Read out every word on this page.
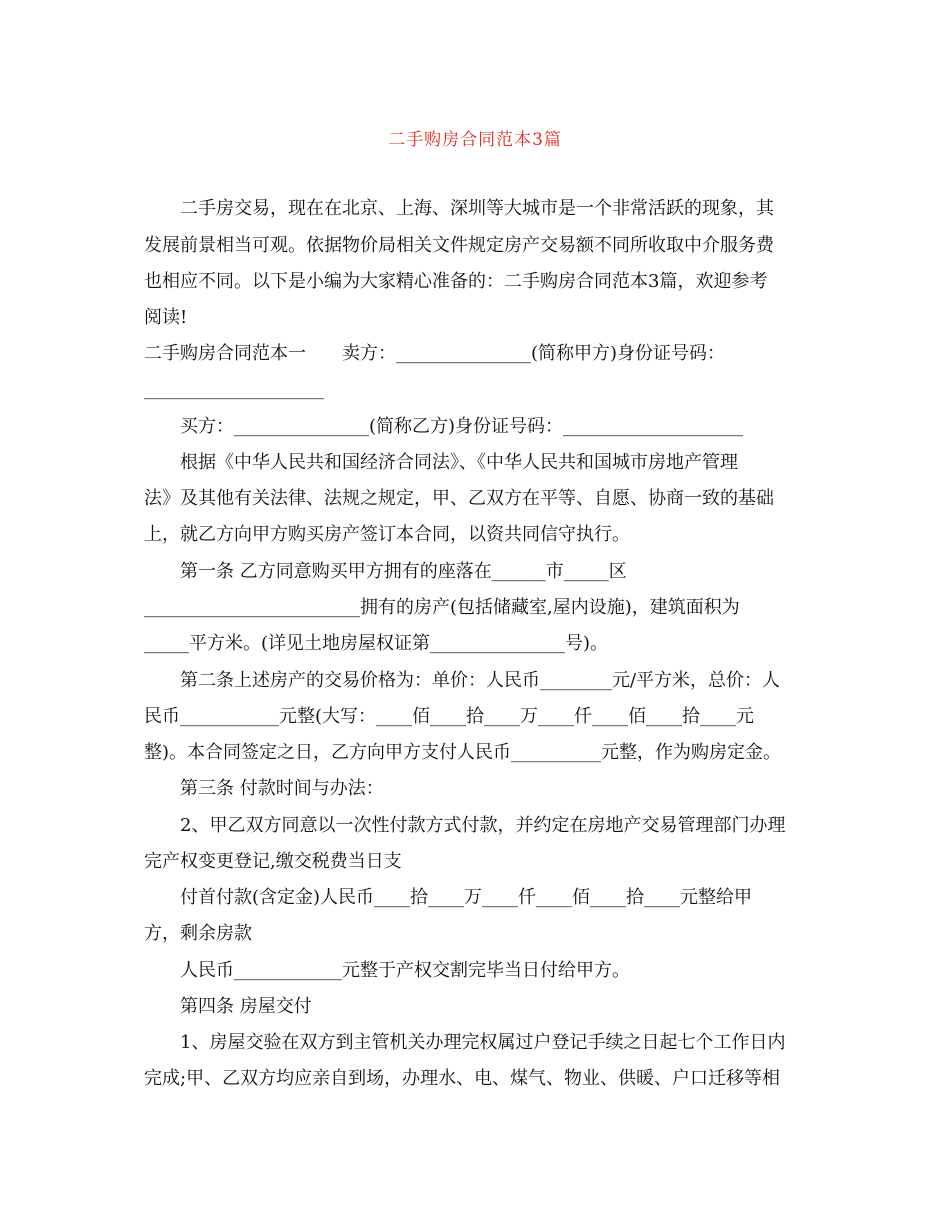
二手购房合同范本3篇
二手房交易，现在在北京、上海、深圳等大城市是一个非常活跃的现象，其
发展前景相当可观。依据物价局相关文件规定房产交易额不同所收取中介服务费
也相应不同。以下是小编为大家精心准备的：二手购房合同范本3篇，欢迎参考
阅读!
二手购房合同范本一　　卖方：_______________(简称甲方)身份证号码：
____________________
买方：_______________(简称乙方)身份证号码：____________________
根据《中华人民共和国经济合同法》、《中华人民共和国城市房地产管理
法》及其他有关法律、法规之规定，甲、乙双方在平等、自愿、协商一致的基础
上，就乙方向甲方购买房产签订本合同，以资共同信守执行。
第一条 乙方同意购买甲方拥有的座落在______市_____区
________________________拥有的房产(包括储藏室,屋内设施)，建筑面积为
_____平方米。(详见土地房屋权证第_______________号)。
第二条上述房产的交易价格为：单价：人民币________元/平方米，总价：人
民币___________元整(大写：____佰____拾____万____仟____佰____拾____元
整)。本合同签定之日，乙方向甲方支付人民币__________元整，作为购房定金。
第三条 付款时间与办法：
2、甲乙双方同意以一次性付款方式付款，并约定在房地产交易管理部门办理
完产权变更登记,缴交税费当日支
付首付款(含定金)人民币____拾____万____仟____佰____拾____元整给甲
方，剩余房款
人民币____________元整于产权交割完毕当日付给甲方。
第四条 房屋交付
1、房屋交验在双方到主管机关办理完权属过户登记手续之日起七个工作日内
完成;甲、乙双方均应亲自到场，办理水、电、煤气、物业、供暖、户口迁移等相
